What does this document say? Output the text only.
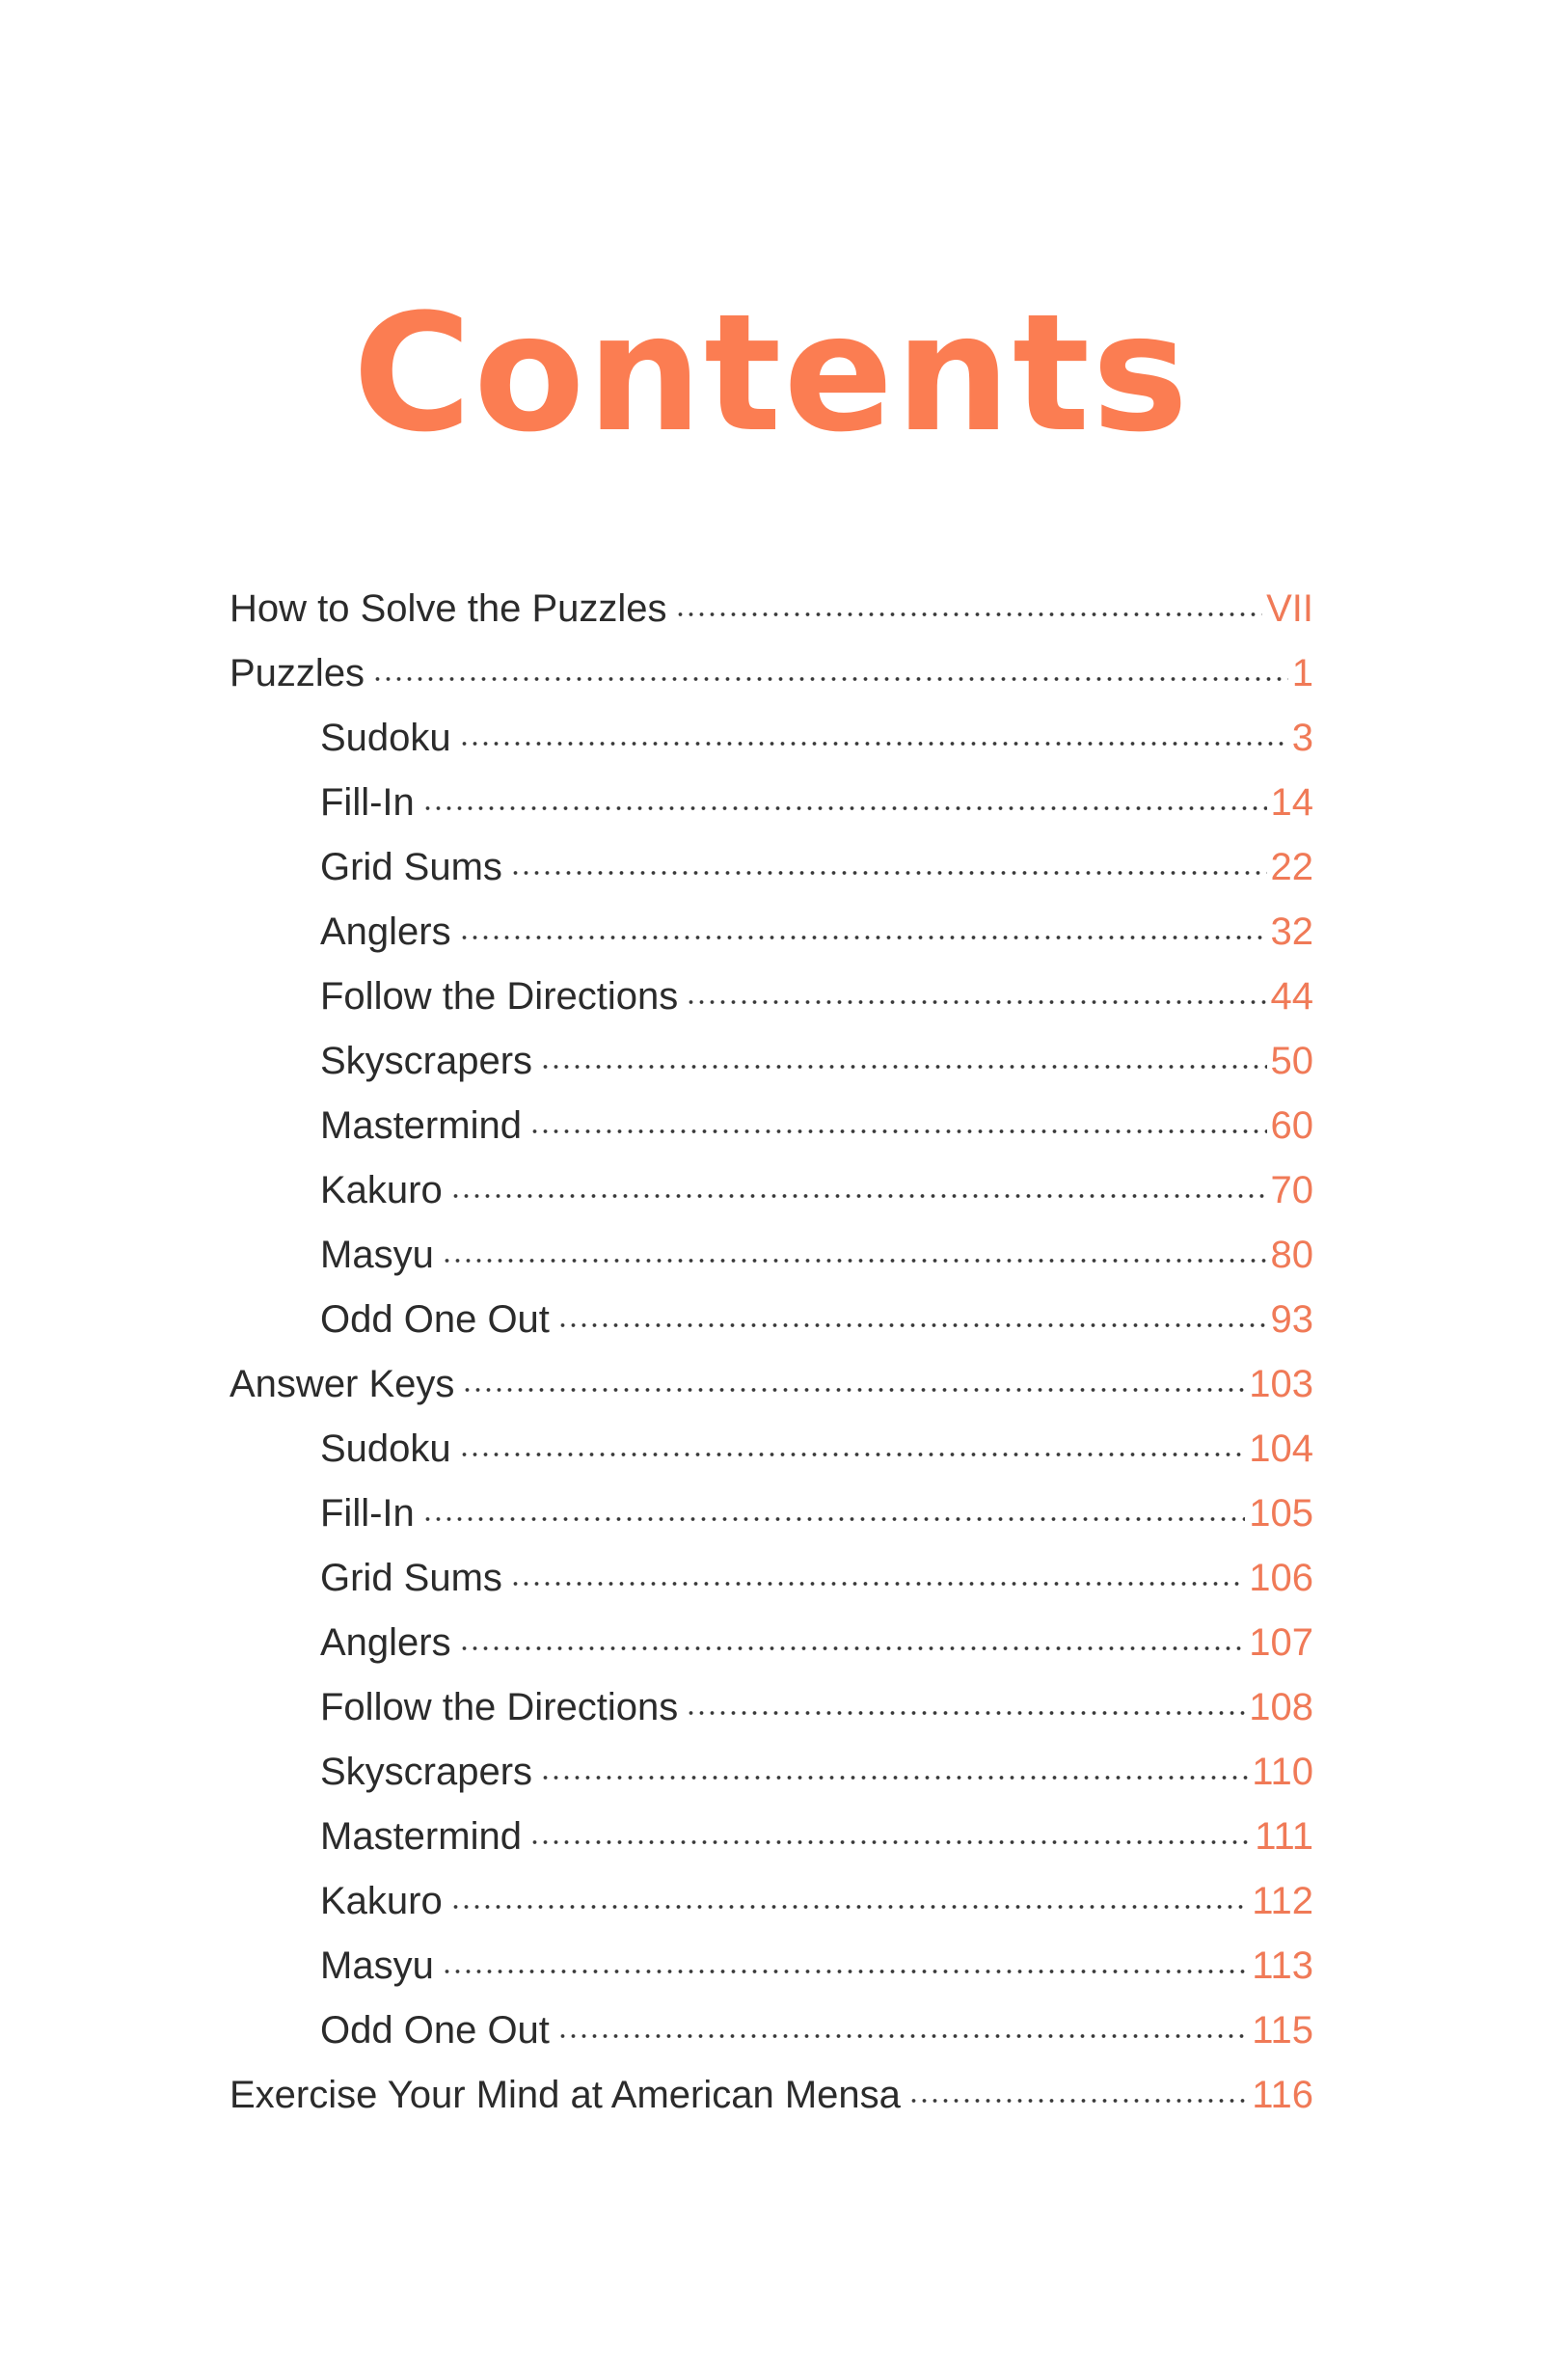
Contents
How to Solve the Puzzles	VII
Puzzles	1
Sudoku	3
Fill-In	14
Grid Sums	22
Anglers	32
Follow the Directions	44
Skyscrapers	50
Mastermind	60
Kakuro	70
Masyu	80
Odd One Out	93
Answer Keys	103
Sudoku	104
Fill-In	105
Grid Sums	106
Anglers	107
Follow the Directions	108
Skyscrapers	110
Mastermind	111
Kakuro	112
Masyu	113
Odd One Out	115
Exercise Your Mind at American Mensa	116
